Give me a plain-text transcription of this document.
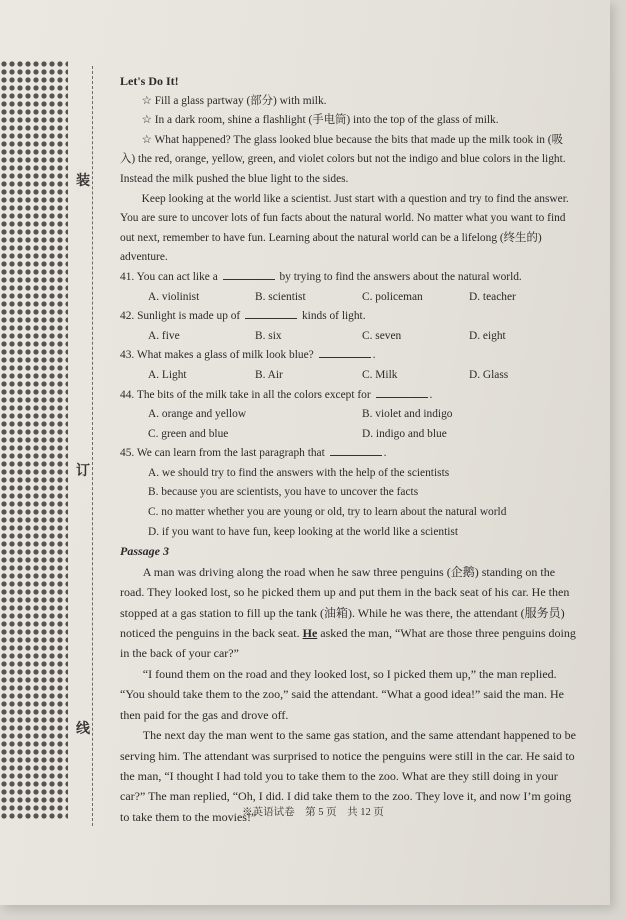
装
订
线

Let's Do It!

☆ Fill a glass partway (部分) with milk.

☆ In a dark room, shine a flashlight (手电筒) into the top of the glass of milk.

☆ What happened? The glass looked blue because the bits that made up the milk took in (吸入) the red, orange, yellow, green, and violet colors but not the indigo and blue colors in the light. Instead the milk pushed the blue light to the sides.

Keep looking at the world like a scientist. Just start with a question and try to find the answer. You are sure to uncover lots of fun facts about the natural world. No matter what you want to find out next, remember to have fun. Learning about the natural world can be a lifelong (终生的) adventure.

41. You can act like a	by trying to find the answers about the natural world.

A. violinist	B. scientist	C. policeman	D. teacher

42. Sunlight is made up of	kinds of light.

A. five	B. six	C. seven	D. eight

43. What makes a glass of milk look blue?	.

A. Light	B. Air	C. Milk	D. Glass

44. The bits of the milk take in all the colors except for	.

A. orange and yellow	B. violet and indigo
C. green and blue	D. indigo and blue

45. We can learn from the last paragraph that	.

A. we should try to find the answers with the help of the scientists
B. because you are scientists, you have to uncover the facts
C. no matter whether you are young or old, try to learn about the natural world
D. if you want to have fun, keep looking at the world like a scientist

Passage 3

A man was driving along the road when he saw three penguins (企鹅) standing on the road. They looked lost, so he picked them up and put them in the back seat of his car. He then stopped at a gas station to fill up the tank (油箱). While he was there, the attendant (服务员) noticed the penguins in the back seat. He asked the man, “What are those three penguins doing in the back of your car?”

“I found them on the road and they looked lost, so I picked them up,” the man replied. “You should take them to the zoo,” said the attendant. “What a good idea!” said the man. He then paid for the gas and drove off.

The next day the man went to the same gas station, and the same attendant happened to be serving him. The attendant was surprised to notice the penguins were still in the car. He said to the man, “I thought I had told you to take them to the zoo. What are they still doing in your car?” The man replied, “Oh, I did. I did take them to the zoo. They love it, and now I’m going to take them to the movies!”

※英语试卷　第 5 页　共 12 页
